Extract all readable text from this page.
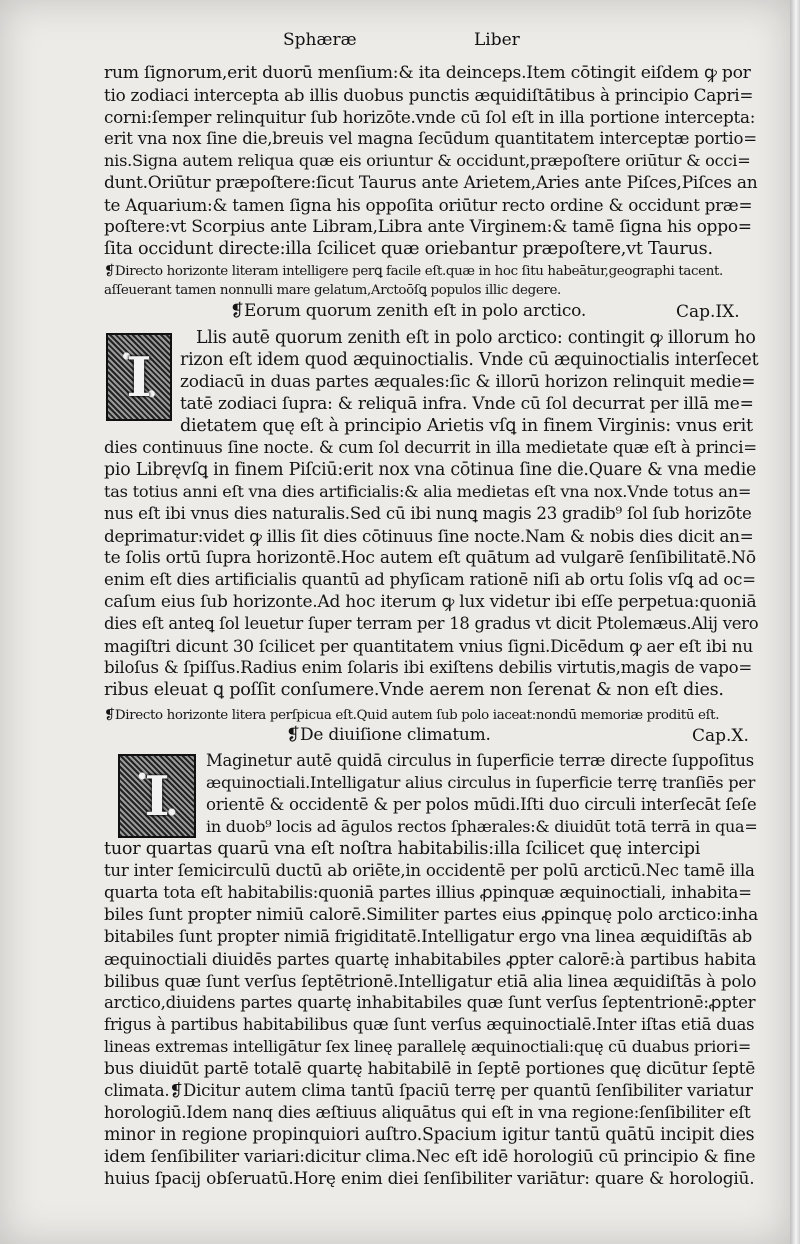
Sphæræ	Liber
rum ſignorum,erit duorū menſium:& ita deinceps.Item cōtingit eiſdem ꝙ por
tio zodiaci intercepta ab illis duobus punctis æquidiſtātibus à principio Capri=
corni:ſemper relinquitur ſub horizōte.vnde cū ſol eſt in illa portione intercepta:
erit vna nox ſine die,breuis vel magna ſecūdum quantitatem interceptæ portio=
nis.Signa autem reliqua quæ eis oriuntur & occidunt,præpoſtere oriūtur & occi=
dunt.Oriūtur præpoſtere:ſicut Taurus ante Arietem,Aries ante Piſces,Piſces an
te Aquarium:& tamen ſigna his oppoſita oriūtur recto ordine & occidunt præ=
poſtere:vt Scorpius ante Libram,Libra ante Virginem:& tamē ſigna his oppo=
ſita occidunt directe:illa ſcilicet quæ oriebantur præpoſtere,vt Taurus.
❡Directo horizonte literam intelligere perꝗ facile eſt.quæ in hoc ſitu habeātur,geographi tacent.
aſſeuerant tamen nonnulli mare gelatum,Arctoōſꝗ populos illic degere.
❡Eorum quorum zenith eſt in polo arctico.	Cap.IX.
I
Llis autē quorum zenith eſt in polo arctico: contingit ꝙ illorum ho
rizon eſt idem quod æquinoctialis. Vnde cū æquinoctialis interſecet
zodiacū in duas partes æquales:ſic & illorū horizon relinquit medie=
tatē zodiaci ſupra: & reliquā infra. Vnde cū ſol decurrat per illā me=
dietatem quę eſt à principio Arietis vſꝗ in finem Virginis: vnus erit
dies continuus ſine nocte. & cum ſol decurrit in illa medietate quæ eſt à princi=
pio Libręvſꝗ in finem Piſciū:erit nox vna cōtinua ſine die.Quare & vna medie
tas totius anni eſt vna dies artificialis:& alia medietas eſt vna nox.Vnde totus an=
nus eſt ibi vnus dies naturalis.Sed cū ibi nunꝗ magis 23 gradib⁹ ſol ſub horizōte
deprimatur:videt ꝙ illis ſit dies cōtinuus ſine nocte.Nam & nobis dies dicit an=
te ſolis ortū ſupra horizontē.Hoc autem eſt quātum ad vulgarē ſenſibilitatē.Nō
enim eſt dies artificialis quantū ad phyſicam rationē niſi ab ortu ſolis vſꝗ ad oc=
caſum eius ſub horizonte.Ad hoc iterum ꝙ lux videtur ibi eſſe perpetua:quoniā
dies eſt anteꝗ ſol leuetur ſuper terram per 18 gradus vt dicit Ptolemæus.Alij vero
magiſtri dicunt 30 ſcilicet per quantitatem vnius ſigni.Dicēdum ꝙ aer eſt ibi nu
biloſus & ſpiſſus.Radius enim ſolaris ibi exiſtens debilis virtutis,magis de vapo=
ribus eleuat ꝗ poſſit conſumere.Vnde aerem non ſerenat & non eſt dies.
❡Directo horizonte litera perſpicua eſt.Quid autem ſub polo iaceat:nondū memoriæ proditū eſt.
❡De diuiſione climatum.	Cap.X.
I
Maginetur autē quidā circulus in ſuperficie terræ directe ſuppoſitus
æquinoctiali.Intelligatur alius circulus in ſuperficie terrę tranſiēs per
orientē & occidentē & per polos mūdi.Iſti duo circuli interſecāt ſeſe
in duob⁹ locis ad āgulos rectos ſphærales:& diuidūt totā terrā in qua=
tuor quartas quarū vna eſt noſtra habitabilis:illa ſcilicet quę intercipi
tur inter ſemicirculū ductū ab oriēte,in occidentē per polū arcticū.Nec tamē illa
quarta tota eſt habitabilis:quoniā partes illius ꝓpinquæ æquinoctiali, inhabita=
biles ſunt propter nimiū calorē.Similiter partes eius ꝓpinquę polo arctico:inha
bitabiles ſunt propter nimiā frigiditatē.Intelligatur ergo vna linea æquidiſtās ab
æquinoctiali diuidēs partes quartę inhabitabiles ꝓpter calorē:à partibus habita
bilibus quæ ſunt verſus ſeptētrionē.Intelligatur etiā alia linea æquidiſtās à polo
arctico,diuidens partes quartę inhabitabiles quæ ſunt verſus ſeptentrionē:ꝓpter
frigus à partibus habitabilibus quæ ſunt verſus æquinoctialē.Inter iſtas etiā duas
lineas extremas intelligātur ſex lineę parallelę æquinoctiali:quę cū duabus priori=
bus diuidūt partē totalē quartę habitabilē in ſeptē portiones quę dicūtur ſeptē
climata.❡Dicitur autem clima tantū ſpaciū terrę per quantū ſenſibiliter variatur
horologiū.Idem nanq dies æſtiuus aliquātus qui eſt in vna regione:ſenſibiliter eſt
minor in regione propinquiori auſtro.Spacium igitur tantū quātū incipit dies
idem ſenſibiliter variari:dicitur clima.Nec eſt idē horologiū cū principio & fine
huius ſpacij obſeruatū.Horę enim diei ſenſibiliter variātur: quare & horologiū.
